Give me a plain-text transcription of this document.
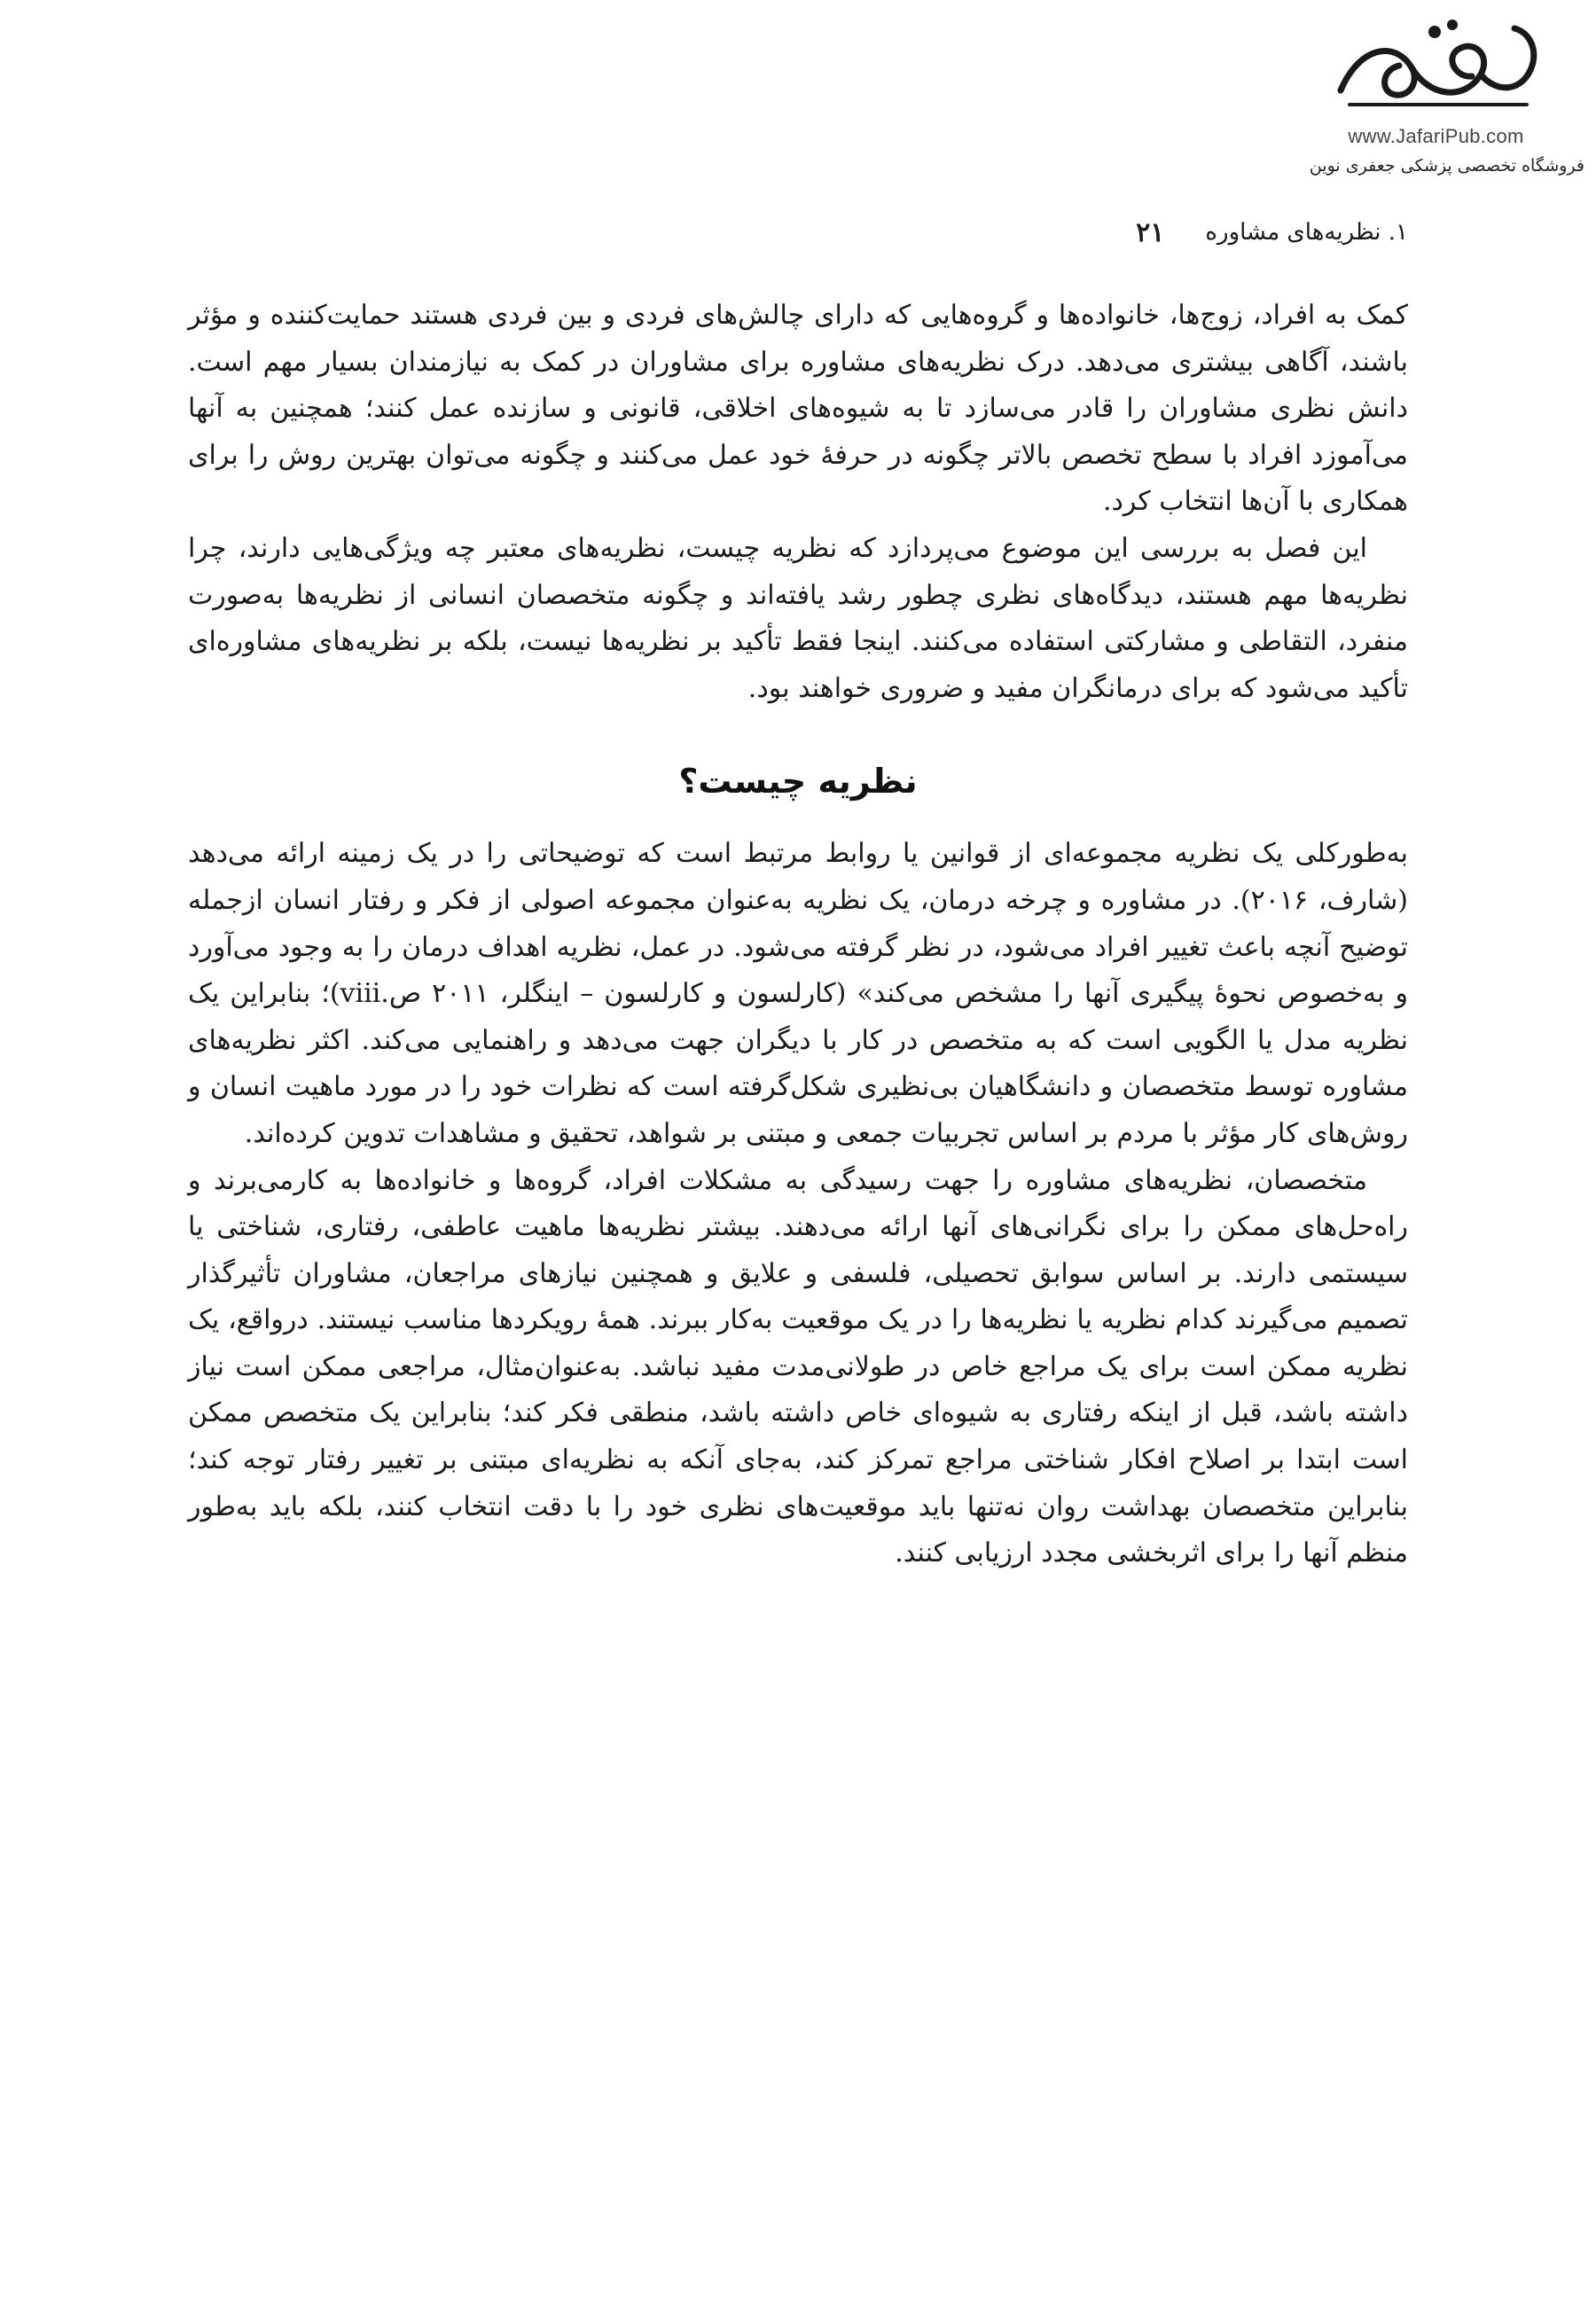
www.JafariPub.com
فروشگاه تخصصی پزشکی جعفری نوین
۱. نظریه‌های مشاوره
۲۱

کمک به افراد، زوج‌ها، خانواده‌ها و گروه‌هایی که دارای چالش‌های فردی و بین فردی هستند حمایت‌کننده و مؤثر باشند، آگاهی بیشتری می‌دهد. درک نظریه‌های مشاوره برای مشاوران در کمک به نیازمندان بسیار مهم است. دانش نظری مشاوران را قادر می‌سازد تا به شیوه‌های اخلاقی، قانونی و سازنده عمل کنند؛ همچنین به آنها می‌آموزد افراد با سطح تخصص بالاتر چگونه در حرفهٔ خود عمل می‌کنند و چگونه می‌توان بهترین روش را برای همکاری با آن‌ها انتخاب کرد.

این فصل به بررسی این موضوع می‌پردازد که نظریه چیست، نظریه‌های معتبر چه ویژگی‌هایی دارند، چرا نظریه‌ها مهم هستند، دیدگاه‌های نظری چطور رشد یافته‌اند و چگونه متخصصان انسانی از نظریه‌ها به‌صورت منفرد، التقاطی و مشارکتی استفاده می‌کنند. اینجا فقط تأکید بر نظریه‌ها نیست، بلکه بر نظریه‌های مشاوره‌ای تأکید می‌شود که برای درمانگران مفید و ضروری خواهند بود.

نظریه چیست؟

به‌طورکلی یک نظریه مجموعه‌ای از قوانین یا روابط مرتبط است که توضیحاتی را در یک زمینه ارائه می‌دهد (شارف، ۲۰۱۶). در مشاوره و چرخه درمان، یک نظریه به‌عنوان مجموعه اصولی از فکر و رفتار انسان ازجمله توضیح آنچه باعث تغییر افراد می‌شود، در نظر گرفته می‌شود. در عمل، نظریه اهداف درمان را به وجود می‌آورد و به‌خصوص نحوهٔ پیگیری آنها را مشخص می‌کند» (کارلسون و کارلسون – اینگلر، ۲۰۱۱ ص.viii)؛ بنابراین یک نظریه مدل یا الگویی است که به متخصص در کار با دیگران جهت می‌دهد و راهنمایی می‌کند. اکثر نظریه‌های مشاوره توسط متخصصان و دانشگاهیان بی‌نظیری شکل‌گرفته است که نظرات خود را در مورد ماهیت انسان و روش‌های کار مؤثر با مردم بر اساس تجربیات جمعی و مبتنی بر شواهد، تحقیق و مشاهدات تدوین کرده‌اند.

متخصصان، نظریه‌های مشاوره را جهت رسیدگی به مشکلات افراد، گروه‌ها و خانواده‌ها به کارمی‌برند و راه‌حل‌های ممکن را برای نگرانی‌های آنها ارائه می‌دهند. بیشتر نظریه‌ها ماهیت عاطفی، رفتاری، شناختی یا سیستمی دارند. بر اساس سوابق تحصیلی، فلسفی و علایق و همچنین نیازهای مراجعان، مشاوران تأثیرگذار تصمیم می‌گیرند کدام نظریه یا نظریه‌ها را در یک موقعیت به‌کار ببرند. همهٔ رویکردها مناسب نیستند. درواقع، یک نظریه ممکن است برای یک مراجع خاص در طولانی‌مدت مفید نباشد. به‌عنوان‌مثال، مراجعی ممکن است نیاز داشته باشد، قبل از اینکه رفتاری به شیوه‌ای خاص داشته باشد، منطقی فکر کند؛ بنابراین یک متخصص ممکن است ابتدا بر اصلاح افکار شناختی مراجع تمرکز کند، به‌جای آنکه به نظریه‌ای مبتنی بر تغییر رفتار توجه کند؛ بنابراین متخصصان بهداشت روان نه‌تنها باید موقعیت‌های نظری خود را با دقت انتخاب کنند، بلکه باید به‌طور منظم آنها را برای اثربخشی مجدد ارزیابی کنند.
